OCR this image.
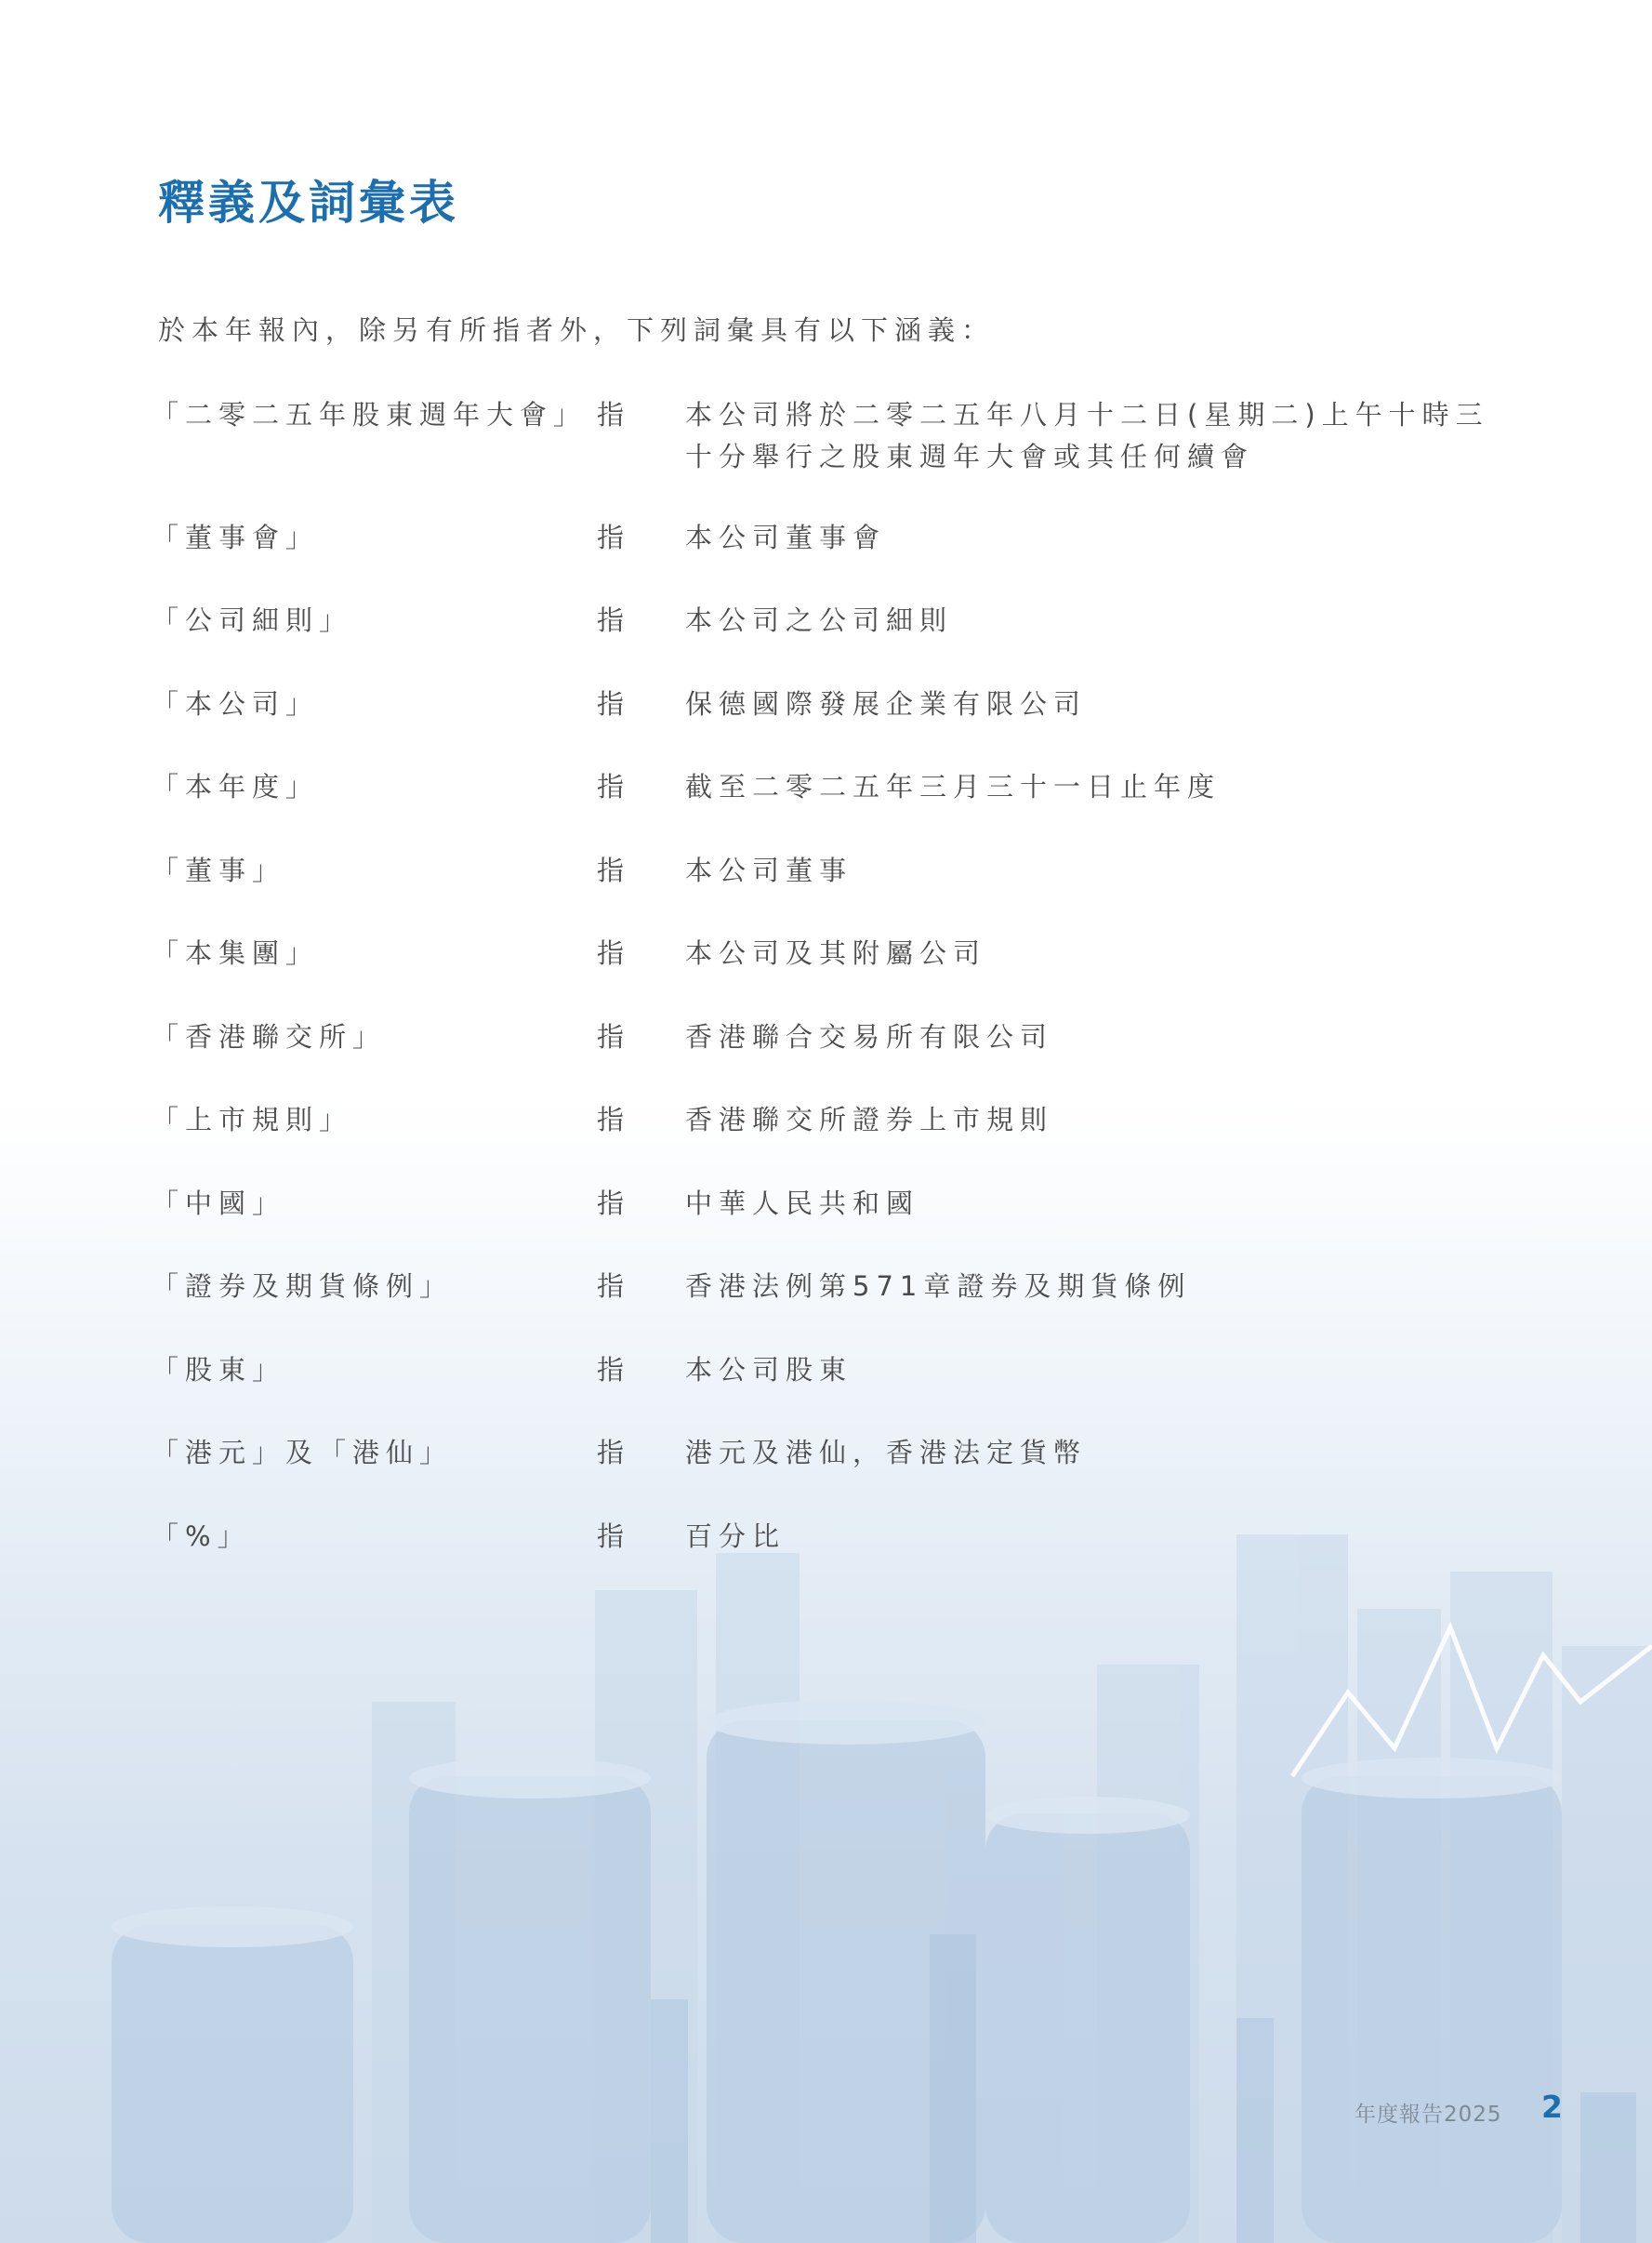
釋義及詞彙表
於本年報內，除另有所指者外，下列詞彙具有以下涵義：
「二零二五年股東週年大會」 指 本公司將於二零二五年八月十二日(星期二)上午十時三十分舉行之股東週年大會或其任何續會
「董事會」	指 本公司董事會
「公司細則」	指 本公司之公司細則
「本公司」	指 保德國際發展企業有限公司
「本年度」	指 截至二零二五年三月三十一日止年度
「董事」	指 本公司董事
「本集團」	指 本公司及其附屬公司
「香港聯交所」	指 香港聯合交易所有限公司
「上市規則」	指 香港聯交所證券上市規則
「中國」	指 中華人民共和國
「證券及期貨條例」	指 香港法例第571章證券及期貨條例
「股東」	指 本公司股東
「港元」及「港仙」	指 港元及港仙，香港法定貨幣
「%」	指 百分比
年度報告2025 2
